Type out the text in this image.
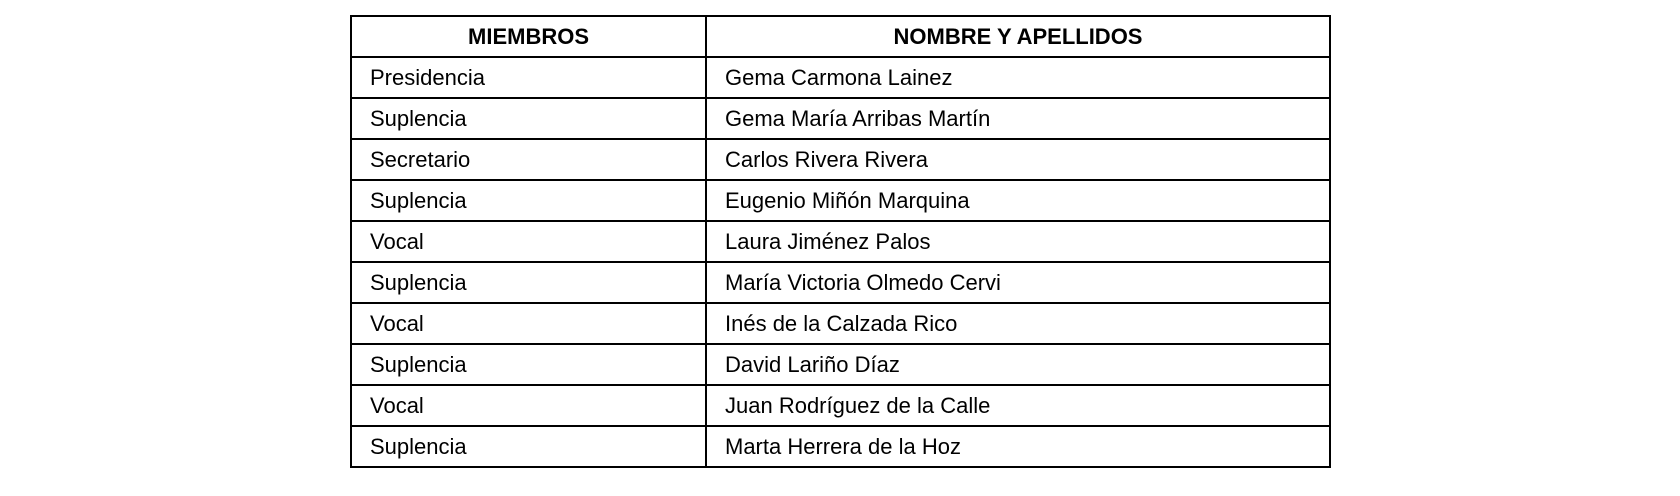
MIEMBROS	NOMBRE Y APELLIDOS
Presidencia	Gema Carmona Lainez
Suplencia	Gema María Arribas Martín
Secretario	Carlos Rivera Rivera
Suplencia	Eugenio Miñón Marquina
Vocal	Laura Jiménez Palos
Suplencia	María Victoria Olmedo Cervi
Vocal	Inés de la Calzada Rico
Suplencia	David Lariño Díaz
Vocal	Juan Rodríguez de la Calle
Suplencia	Marta Herrera de la Hoz
